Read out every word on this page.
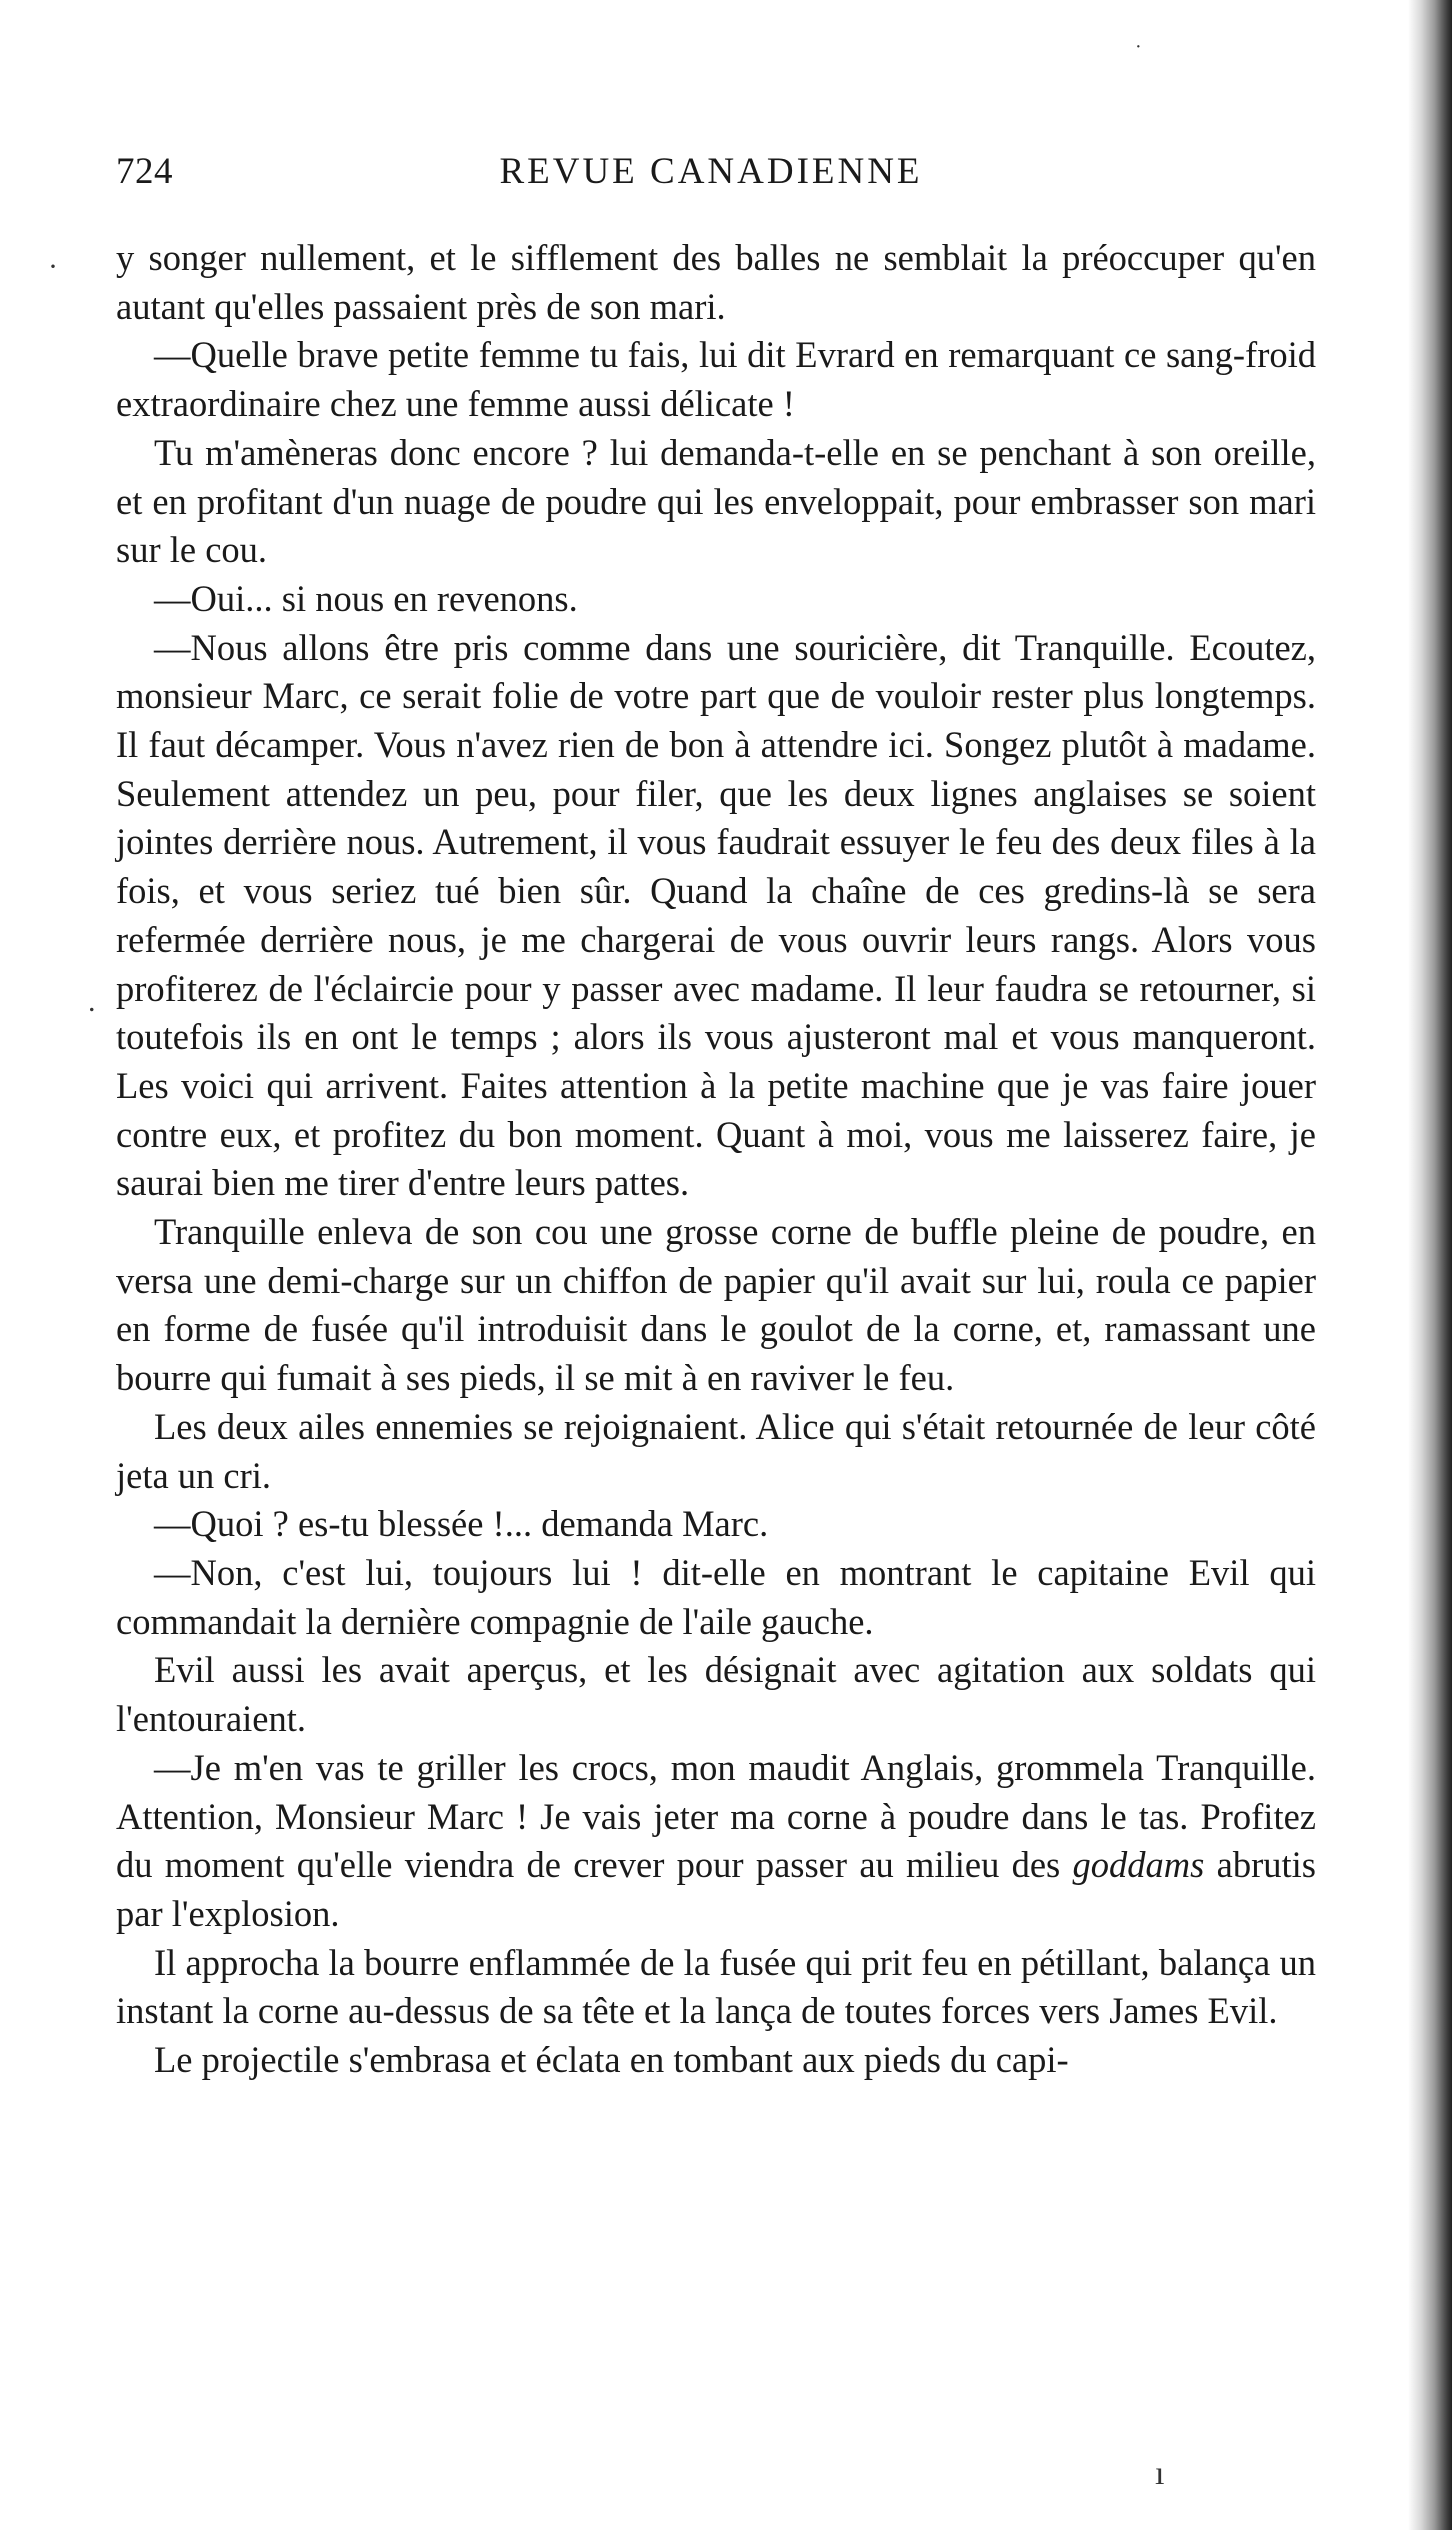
724	REVUE CANADIENNE

y songer nullement, et le sifflement des balles ne semblait la préoccuper qu'en autant qu'elles passaient près de son mari.

—Quelle brave petite femme tu fais, lui dit Evrard en remarquant ce sang-froid extraordinaire chez une femme aussi délicate !

Tu m'amèneras donc encore ? lui demanda-t-elle en se penchant à son oreille, et en profitant d'un nuage de poudre qui les enveloppait, pour embrasser son mari sur le cou.

—Oui... si nous en revenons.

—Nous allons être pris comme dans une souricière, dit Tranquille. Ecoutez, monsieur Marc, ce serait folie de votre part que de vouloir rester plus longtemps. Il faut décamper. Vous n'avez rien de bon à attendre ici. Songez plutôt à madame. Seulement attendez un peu, pour filer, que les deux lignes anglaises se soient jointes derrière nous. Autrement, il vous faudrait essuyer le feu des deux files à la fois, et vous seriez tué bien sûr. Quand la chaîne de ces gredins-là se sera refermée derrière nous, je me chargerai de vous ouvrir leurs rangs. Alors vous profiterez de l'éclaircie pour y passer avec madame. Il leur faudra se retourner, si toutefois ils en ont le temps ; alors ils vous ajusteront mal et vous manqueront. Les voici qui arrivent. Faites attention à la petite machine que je vas faire jouer contre eux, et profitez du bon moment. Quant à moi, vous me laisserez faire, je saurai bien me tirer d'entre leurs pattes.

Tranquille enleva de son cou une grosse corne de buffle pleine de poudre, en versa une demi-charge sur un chiffon de papier qu'il avait sur lui, roula ce papier en forme de fusée qu'il introduisit dans le goulot de la corne, et, ramassant une bourre qui fumait à ses pieds, il se mit à en raviver le feu.

Les deux ailes ennemies se rejoignaient. Alice qui s'était retournée de leur côté jeta un cri.

—Quoi ? es-tu blessée !... demanda Marc.

—Non, c'est lui, toujours lui ! dit-elle en montrant le capitaine Evil qui commandait la dernière compagnie de l'aile gauche.

Evil aussi les avait aperçus, et les désignait avec agitation aux soldats qui l'entouraient.

—Je m'en vas te griller les crocs, mon maudit Anglais, grommela Tranquille. Attention, Monsieur Marc ! Je vais jeter ma corne à poudre dans le tas. Profitez du moment qu'elle viendra de crever pour passer au milieu des goddams abrutis par l'explosion.

Il approcha la bourre enflammée de la fusée qui prit feu en pétillant, balança un instant la corne au-dessus de sa tête et la lança de toutes forces vers James Evil.

Le projectile s'embrasa et éclata en tombant aux pieds du capi-

·
·
.
ı
